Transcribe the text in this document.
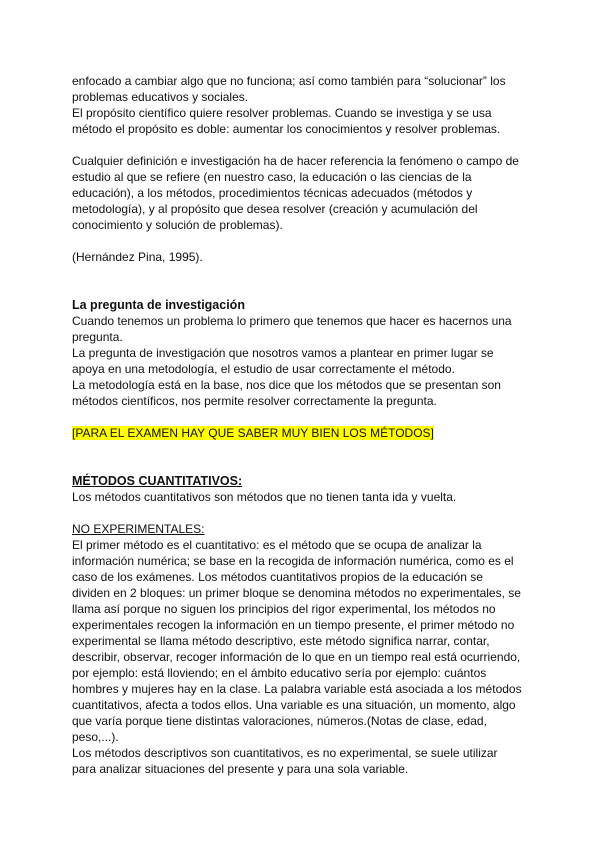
enfocado a cambiar algo que no funciona; así como también para “solucionar” los
problemas educativos y sociales.
El propósito científico quiere resolver problemas. Cuando se investiga y se usa
método el propósito es doble: aumentar los conocimientos y resolver problemas.

Cualquier definición e investigación ha de hacer referencia la fenómeno o campo de
estudio al que se refiere (en nuestro caso, la educación o las ciencias de la
educación), a los métodos, procedimientos técnicas adecuados (métodos y
metodología), y al propósito que desea resolver (creación y acumulación del
conocimiento y solución de problemas).

(Hernández Pina, 1995).

La pregunta de investigación

Cuando tenemos un problema lo primero que tenemos que hacer es hacernos una
pregunta.
La pregunta de investigación que nosotros vamos a plantear en primer lugar se
apoya en una metodología, el estudio de usar correctamente el método.
La metodología está en la base, nos dice que los métodos que se presentan son
métodos científicos, nos permite resolver correctamente la pregunta.

[PARA EL EXAMEN HAY QUE SABER MUY BIEN LOS MÉTODOS]

MÉTODOS CUANTITATIVOS:

Los métodos cuantitativos son métodos que no tienen tanta ida y vuelta.

NO EXPERIMENTALES:

El primer método es el cuantitativo: es el método que se ocupa de analizar la
información numérica; se base en la recogida de información numérica, como es el
caso de los exámenes. Los métodos cuantitativos propios de la educación se
dividen en 2 bloques: un primer bloque se denomina métodos no experimentales, se
llama así porque no siguen los principios del rigor experimental, los métodos no
experimentales recogen la información en un tiempo presente, el primer método no
experimental se llama método descriptivo, este método significa narrar, contar,
describir, observar, recoger información de lo que en un tiempo real está ocurriendo,
por ejemplo: está lloviendo; en el ámbito educativo sería por ejemplo: cuántos
hombres y mujeres hay en la clase. La palabra variable está asociada a los métodos
cuantitativos, afecta a todos ellos. Una variable es una situación, un momento, algo
que varía porque tiene distintas valoraciones, números.(Notas de clase, edad,
peso,...).
Los métodos descriptivos son cuantitativos, es no experimental, se suele utilizar
para analizar situaciones del presente y para una sola variable.
